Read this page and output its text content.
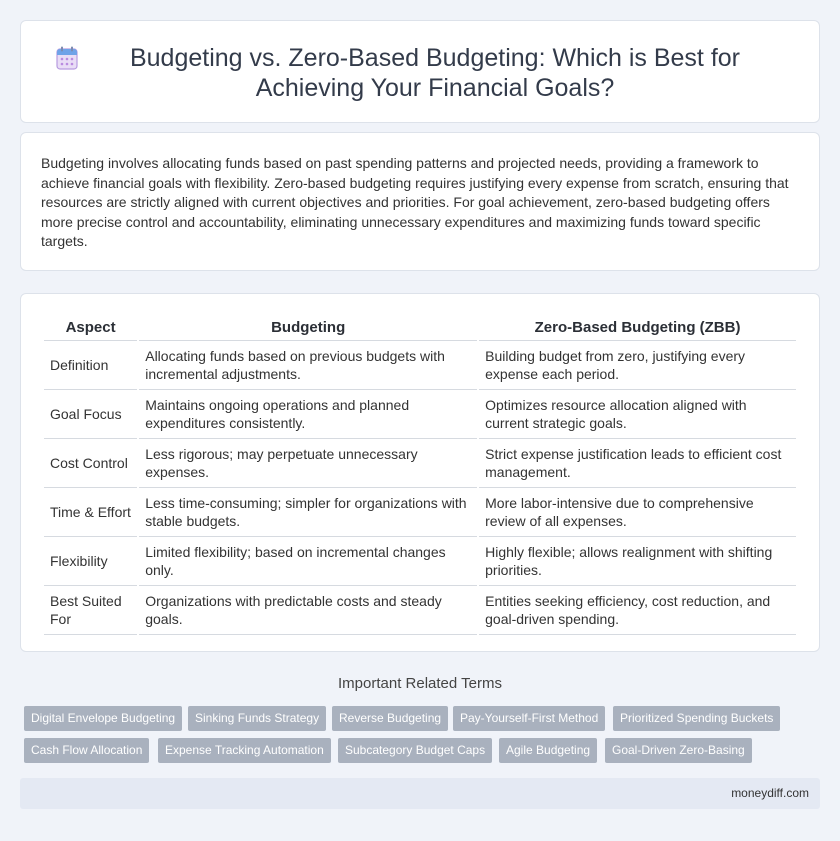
Budgeting vs. Zero-Based Budgeting: Which is Best for Achieving Your Financial Goals?

Budgeting involves allocating funds based on past spending patterns and projected needs, providing a framework to achieve financial goals with flexibility. Zero-based budgeting requires justifying every expense from scratch, ensuring that resources are strictly aligned with current objectives and priorities. For goal achievement, zero-based budgeting offers more precise control and accountability, eliminating unnecessary expenditures and maximizing funds toward specific targets.

Aspect	Budgeting	Zero-Based Budgeting (ZBB)
Definition	Allocating funds based on previous budgets with incremental adjustments.	Building budget from zero, justifying every expense each period.
Goal Focus	Maintains ongoing operations and planned expenditures consistently.	Optimizes resource allocation aligned with current strategic goals.
Cost Control	Less rigorous; may perpetuate unnecessary expenses.	Strict expense justification leads to efficient cost management.
Time & Effort	Less time-consuming; simpler for organizations with stable budgets.	More labor-intensive due to comprehensive review of all expenses.
Flexibility	Limited flexibility; based on incremental changes only.	Highly flexible; allows realignment with shifting priorities.
Best Suited For	Organizations with predictable costs and steady goals.	Entities seeking efficiency, cost reduction, and goal-driven spending.
Important Related Terms
Digital Envelope Budgeting	Sinking Funds Strategy	Reverse Budgeting	Pay-Yourself-First Method	Prioritized Spending Buckets
Cash Flow Allocation	Expense Tracking Automation	Subcategory Budget Caps	Agile Budgeting	Goal-Driven Zero-Basing
moneydiff.com
